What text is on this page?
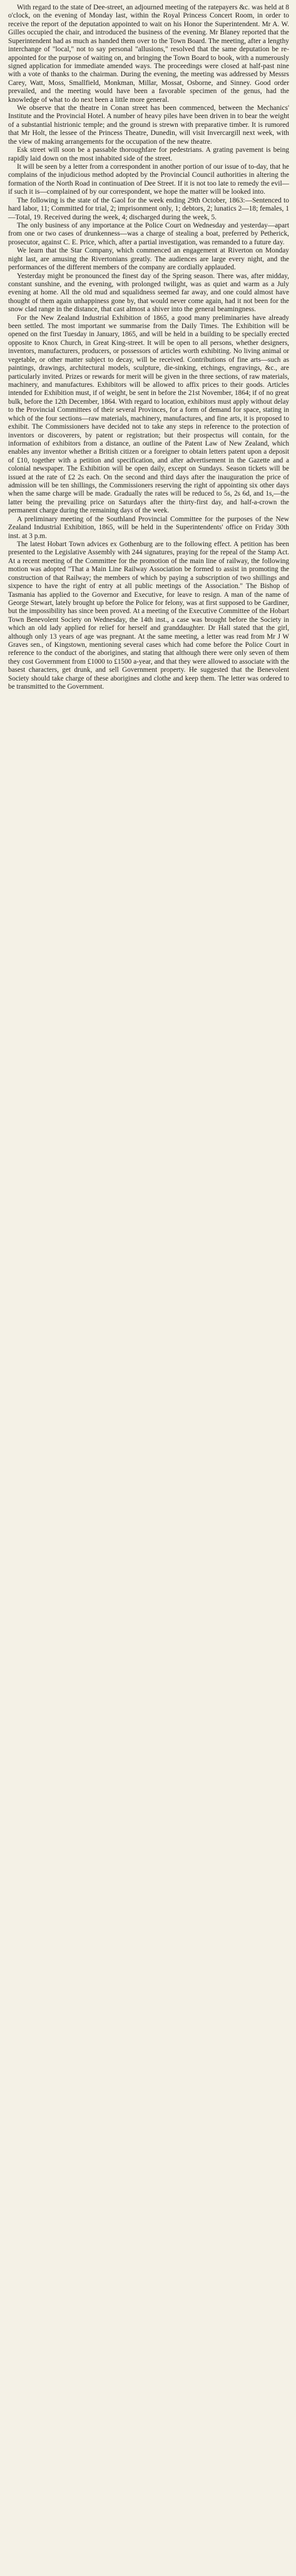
With regard to the state of Dee-street, an adjourned meeting of the ratepayers &c. was held at 8 o'clock, on the evening of Monday last, within the Royal Princess Concert Room, in order to receive the report of the deputation appointed to wait on his Honor the Superintendent. Mr A. W. Gilles occupied the chair, and introduced the business of the evening. Mr Blaney reported that the Superintendent had as much as handed them over to the Town Board. The meeting, after a lengthy interchange of "local," not to say personal "allusions," resolved that the same deputation be re-appointed for the purpose of waiting on, and bringing the Town Board to book, with a numerously signed application for immediate amended ways. The proceedings were closed at half-past nine with a vote of thanks to the chairman. During the evening, the meeting was addressed by Messrs Carey, Watt, Moss, Smallfield, Monkman, Millar, Mossat, Osborne, and Sinney. Good order prevailed, and the meeting would have been a favorable specimen of the genus, had the knowledge of what to do next been a little more general.

We observe that the theatre in Conan street has been commenced, between the Mechanics' Institute and the Provincial Hotel. A number of heavy piles have been driven in to bear the weight of a substantial histrionic temple; and the ground is strewn with preparative timber. It is rumored that Mr Holt, the lessee of the Princess Theatre, Dunedin, will visit Invercargill next week, with the view of making arrangements for the occupation of the new theatre.

Esk street will soon be a passable thoroughfare for pedestrians. A grating pavement is being rapidly laid down on the most inhabited side of the street.

It will be seen by a letter from a correspondent in another portion of our issue of to-day, that he complains of the injudicious method adopted by the Provincial Council authorities in altering the formation of the North Road in continuation of Dee Street. If it is not too late to remedy the evil—if such it is—complained of by our correspondent, we hope the matter will be looked into.

The following is the state of the Gaol for the week ending 29th October, 1863:—Sentenced to hard labor, 11; Committed for trial, 2; imprisonment only, 1; debtors, 2; lunatics 2—18; females, 1—Total, 19. Received during the week, 4; discharged during the week, 5.

The only business of any importance at the Police Court on Wednesday and yesterday—apart from one or two cases of drunkenness—was a charge of stealing a boat, preferred by Petherick, prosecutor, against C. E. Price, which, after a partial investigation, was remanded to a future day.

We learn that the Star Company, which commenced an engagement at Riverton on Monday night last, are amusing the Rivertonians greatly. The audiences are large every night, and the performances of the different members of the company are cordially applauded.

Yesterday might be pronounced the finest day of the Spring season. There was, after midday, constant sunshine, and the evening, with prolonged twilight, was as quiet and warm as a July evening at home. All the old mud and squalidness seemed far away, and one could almost have thought of them again unhappiness gone by, that would never come again, had it not been for the snow clad range in the distance, that cast almost a shiver into the general beamingness.

For the New Zealand Industrial Exhibition of 1865, a good many preliminaries have already been settled. The most important we summarise from the Daily Times. The Exhibition will be opened on the first Tuesday in January, 1865, and will be held in a building to be specially erected opposite to Knox Church, in Great King-street. It will be open to all persons, whether designers, inventors, manufacturers, producers, or possessors of articles worth exhibiting. No living animal or vegetable, or other matter subject to decay, will be received. Contributions of fine arts—such as paintings, drawings, architectural models, sculpture, die-sinking, etchings, engravings, &c., are particularly invited. Prizes or rewards for merit will be given in the three sections, of raw materials, machinery, and manufactures. Exhibitors will be allowed to affix prices to their goods. Articles intended for Exhibition must, if of weight, be sent in before the 21st November, 1864; if of no great bulk, before the 12th December, 1864. With regard to location, exhibitors must apply without delay to the Provincial Committees of their several Provinces, for a form of demand for space, stating in which of the four sections—raw materials, machinery, manufactures, and fine arts, it is proposed to exhibit. The Commissioners have decided not to take any steps in reference to the protection of inventors or discoverers, by patent or registration; but their prospectus will contain, for the information of exhibitors from a distance, an outline of the Patent Law of New Zealand, which enables any inventor whether a British citizen or a foreigner to obtain letters patent upon a deposit of £10, together with a petition and specification, and after advertisement in the Gazette and a colonial newspaper. The Exhibition will be open daily, except on Sundays. Season tickets will be issued at the rate of £2 2s each. On the second and third days after the inauguration the price of admission will be ten shillings, the Commissioners reserving the right of appointing six other days when the same charge will be made. Gradually the rates will be reduced to 5s, 2s 6d, and 1s,—the latter being the prevailing price on Saturdays after the thirty-first day, and half-a-crown the permanent charge during the remaining days of the week.

A preliminary meeting of the Southland Provincial Committee for the purposes of the New Zealand Industrial Exhibition, 1865, will be held in the Superintendents' office on Friday 30th inst. at 3 p.m.

The latest Hobart Town advices ex Gothenburg are to the following effect. A petition has been presented to the Legislative Assembly with 244 signatures, praying for the repeal of the Stamp Act. At a recent meeting of the Committee for the promotion of the main line of railway, the following motion was adopted "That a Main Line Railway Association be formed to assist in promoting the construction of that Railway; the members of which by paying a subscription of two shillings and sixpence to have the right of entry at all public meetings of the Association." The Bishop of Tasmania has applied to the Governor and Executive, for leave to resign. A man of the name of George Stewart, lately brought up before the Police for felony, was at first supposed to be Gardiner, but the impossibility has since been proved. At a meeting of the Executive Committee of the Hobart Town Benevolent Society on Wednesday, the 14th inst., a case was brought before the Society in which an old lady applied for relief for herself and granddaughter. Dr Hall stated that the girl, although only 13 years of age was pregnant. At the same meeting, a letter was read from Mr J W Graves sen., of Kingstown, mentioning several cases which had come before the Police Court in reference to the conduct of the aborigines, and stating that although there were only seven of them they cost Government from £1000 to £1500 a-year, and that they were allowed to associate with the basest characters, get drunk, and sell Government property. He suggested that the Benevolent Society should take charge of these aborigines and clothe and keep them. The letter was ordered to be transmitted to the Government.
